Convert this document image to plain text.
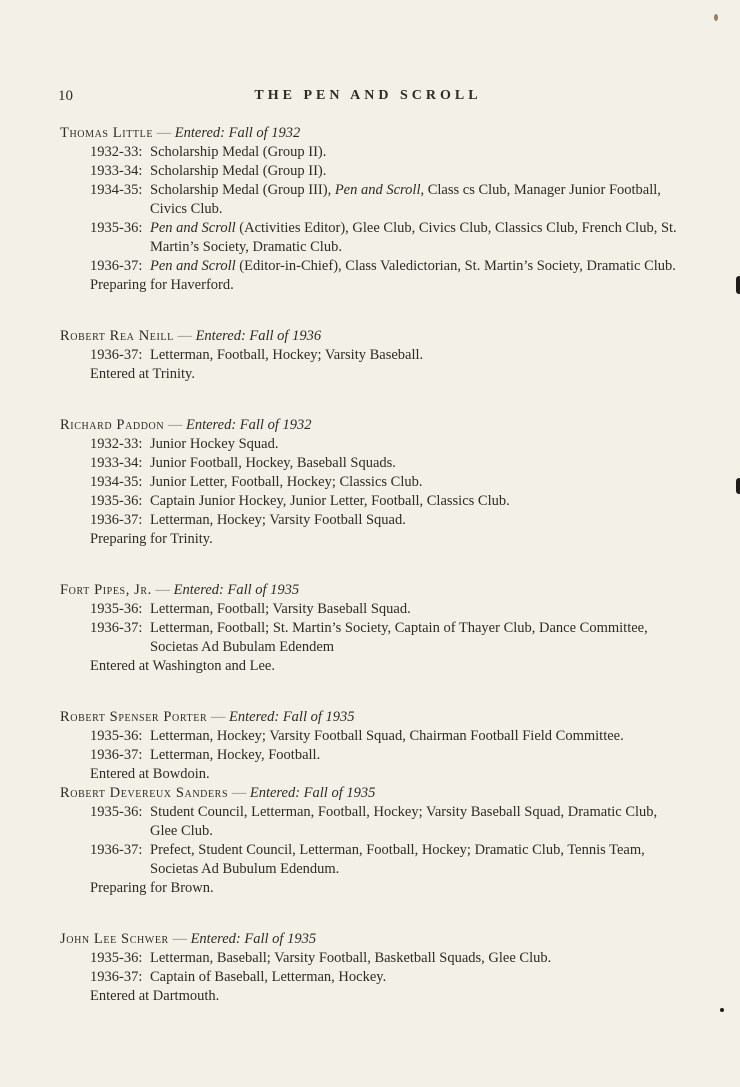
10	THE PEN AND SCROLL
Thomas Little — Entered: Fall of 1932
1932-33: Scholarship Medal (Group II).
1933-34: Scholarship Medal (Group II).
1934-35: Scholarship Medal (Group III), Pen and Scroll, Class cs Club, Manager Junior Football, Civics Club.
1935-36: Pen and Scroll (Activities Editor), Glee Club, Civics Club, Classics Club, French Club, St. Martin’s Society, Dramatic Club.
1936-37: Pen and Scroll (Editor-in-Chief), Class Valedictorian, St. Martin’s Society, Dramatic Club.
Preparing for Haverford.
Robert Rea Neill — Entered: Fall of 1936
1936-37: Letterman, Football, Hockey; Varsity Baseball.
Entered at Trinity.
Richard Paddon — Entered: Fall of 1932
1932-33: Junior Hockey Squad.
1933-34: Junior Football, Hockey, Baseball Squads.
1934-35: Junior Letter, Football, Hockey; Classics Club.
1935-36: Captain Junior Hockey, Junior Letter, Football, Classics Club.
1936-37: Letterman, Hockey; Varsity Football Squad.
Preparing for Trinity.
Fort Pipes, Jr. — Entered: Fall of 1935
1935-36: Letterman, Football; Varsity Baseball Squad.
1936-37: Letterman, Football; St. Martin’s Society, Captain of Thayer Club, Dance Committee, Societas Ad Bubulam Edendem
Entered at Washington and Lee.
Robert Spenser Porter — Entered: Fall of 1935
1935-36: Letterman, Hockey; Varsity Football Squad, Chairman Football Field Committee.
1936-37: Letterman, Hockey, Football.
Entered at Bowdoin.
Robert Devereux Sanders — Entered: Fall of 1935
1935-36: Student Council, Letterman, Football, Hockey; Varsity Baseball Squad, Dramatic Club, Glee Club.
1936-37: Prefect, Student Council, Letterman, Football, Hockey; Dramatic Club, Tennis Team, Societas Ad Bubulum Edendum.
Preparing for Brown.
John Lee Schwer — Entered: Fall of 1935
1935-36: Letterman, Baseball; Varsity Football, Basketball Squads, Glee Club.
1936-37: Captain of Baseball, Letterman, Hockey.
Entered at Dartmouth.
